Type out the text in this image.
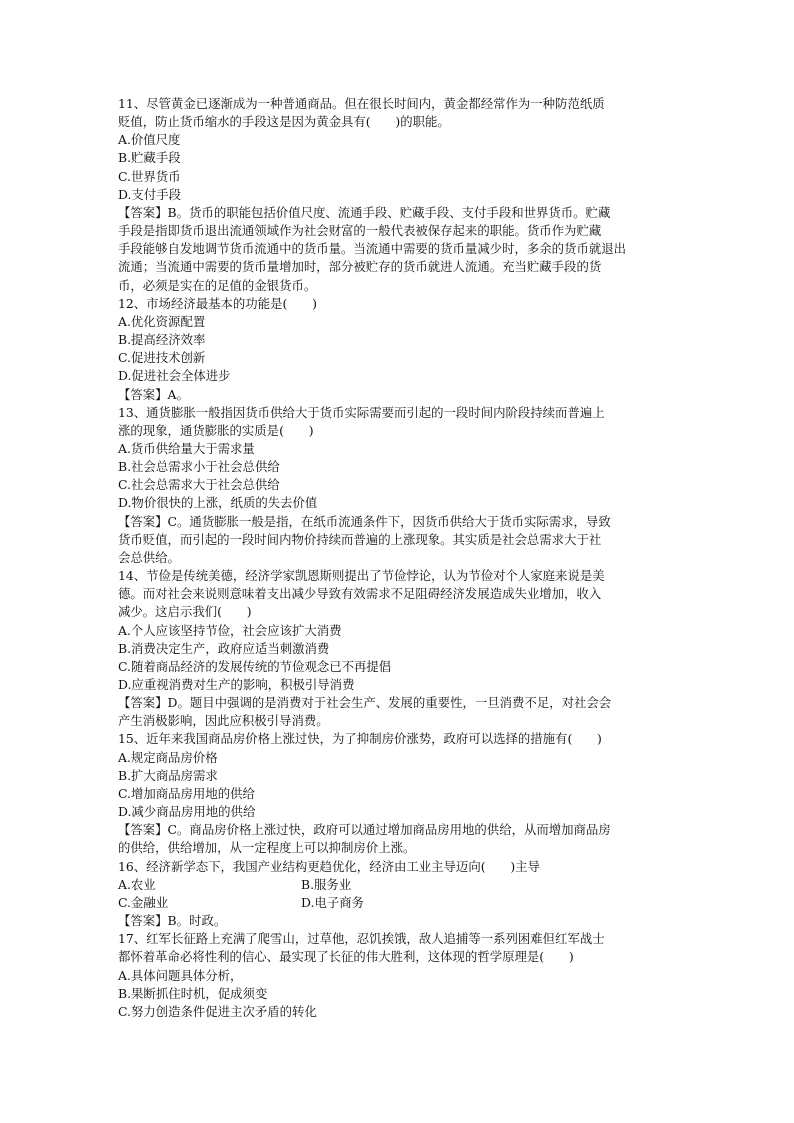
11、尽管黄金已逐渐成为一种普通商品。但在很长时间内，黄金都经常作为一种防范纸质
贬值，防止货币缩水的手段这是因为黄金具有(　　)的职能。
A.价值尺度
B.贮藏手段
C.世界货币
D.支付手段
【答案】B。货币的职能包括价值尺度、流通手段、贮藏手段、支付手段和世界货币。贮藏
手段是指即货币退出流通领域作为社会财富的一般代表被保存起来的职能。货币作为贮藏
手段能够自发地调节货币流通中的货币量。当流通中需要的货币量减少时，多余的货币就退出
流通；当流通中需要的货币量增加时，部分被贮存的货币就进人流通。充当贮藏手段的货
币，必须是实在的足值的金银货币。
12、市场经济最基本的功能是(　　)
A.优化资源配置
B.提高经济效率
C.促进技术创新
D.促进社会全体进步
【答案】A。
13、通货膨胀一般指因货币供给大于货币实际需要而引起的一段时间内阶段持续而普遍上
涨的现象，通货膨胀的实质是(　　)
A.货币供给量大于需求量
B.社会总需求小于社会总供给
C.社会总需求大于社会总供给
D.物价很快的上涨，纸质的失去价值
【答案】C。通货膨胀一般是指，在纸币流通条件下，因货币供给大于货币实际需求，导致
货币贬值，而引起的一段时间内物价持续而普遍的上涨现象。其实质是社会总需求大于社
会总供给。
14、节俭是传统美德，经济学家凯恩斯则提出了节俭悖论，认为节俭对个人家庭来说是美
德。而对社会来说则意味着支出减少导致有效需求不足阻碍经济发展造成失业增加，收入
减少。这启示我们(　　)
A.个人应该坚持节俭，社会应该扩大消费
B.消费决定生产，政府应适当刺激消费
C.随着商品经济的发展传统的节俭观念已不再提倡
D.应重视消费对生产的影响，积极引导消费
【答案】D。题目中强调的是消费对于社会生产、发展的重要性，一旦消费不足，对社会会
产生消极影响，因此应积极引导消费。
15、近年来我国商品房价格上涨过快，为了抑制房价涨势，政府可以选择的措施有(　　)
A.规定商品房价格
B.扩大商品房需求
C.增加商品房用地的供给
D.减少商品房用地的供给
【答案】C。商品房价格上涨过快，政府可以通过增加商品房用地的供给，从而增加商品房
的供给，供给增加，从一定程度上可以抑制房价上涨。
16、经济新学态下，我国产业结构更趋优化，经济由工业主导迈向(　　)主导
A.农业	B.服务业
C.金融业	D.电子商务
【答案】B。时政。
17、红军长征路上充满了爬雪山，过草他，忍饥挨饿，敌人追捕等一系列困难但红军战士
都怀着革命必将性利的信心、最实现了长征的伟大胜利，这体现的哲学原理是(　　)
A.具体问题具体分析，
B.果断抓住时机，促成须变
C.努力创造条件促进主次矛盾的转化
